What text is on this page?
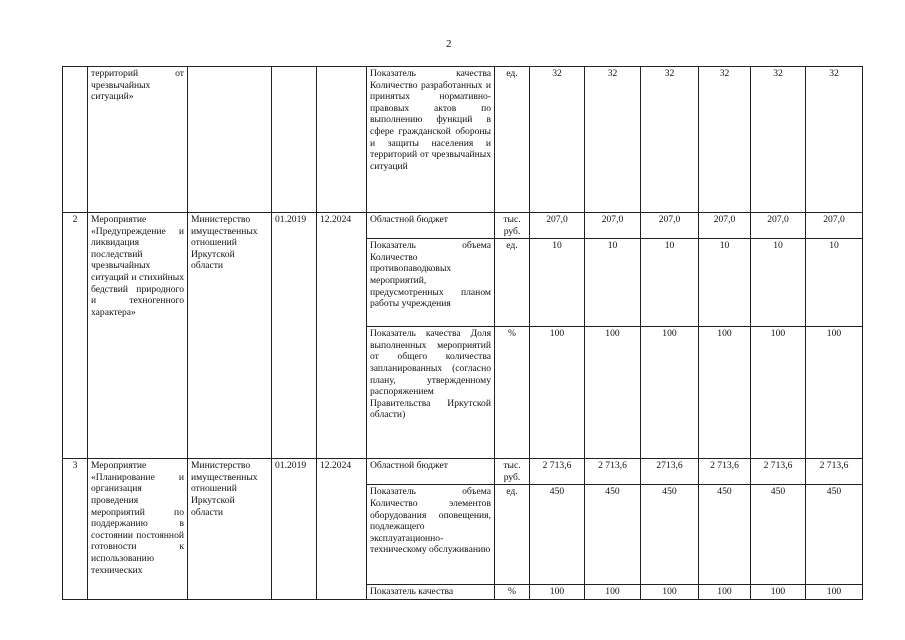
2
	территорий от чрезвычайных ситуаций»				Показатель качества Количество разработанных и принятых нормативно-правовых актов по выполнению функций в сфере гражданской обороны и защиты населения и территорий от чрезвычайных ситуаций	ед.	32	32	32	32	32	32
2	Мероприятие «Предупреждение и ликвидация последствий чрезвычайных ситуаций и стихийных бедствий природного и техногенного характера»	Министерство имущественных отношений Иркутской области	01.2019	12.2024	Областной бюджет	тыс. руб.	207,0	207,0	207,0	207,0	207,0	207,0
					Показатель объема Количество противопаводковых мероприятий, предусмотренных планом работы учреждения	ед.	10	10	10	10	10	10
					Показатель качества Доля выполненных мероприятий от общего количества запланированных (согласно плану, утвержденному распоряжением Правительства Иркутской области)	%	100	100	100	100	100	100
3	Мероприятие «Планирование и организация проведения мероприятий по поддержанию в состоянии постоянной готовности к использованию технических	Министерство имущественных отношений Иркутской области	01.2019	12.2024	Областной бюджет	тыс. руб.	2 713,6	2 713,6	2713,6	2 713,6	2 713,6	2 713,6
					Показатель объема Количество элементов оборудования оповещения, подлежащего эксплуатационно-техническому обслуживанию	ед.	450	450	450	450	450	450
					Показатель качества	%	100	100	100	100	100	100
